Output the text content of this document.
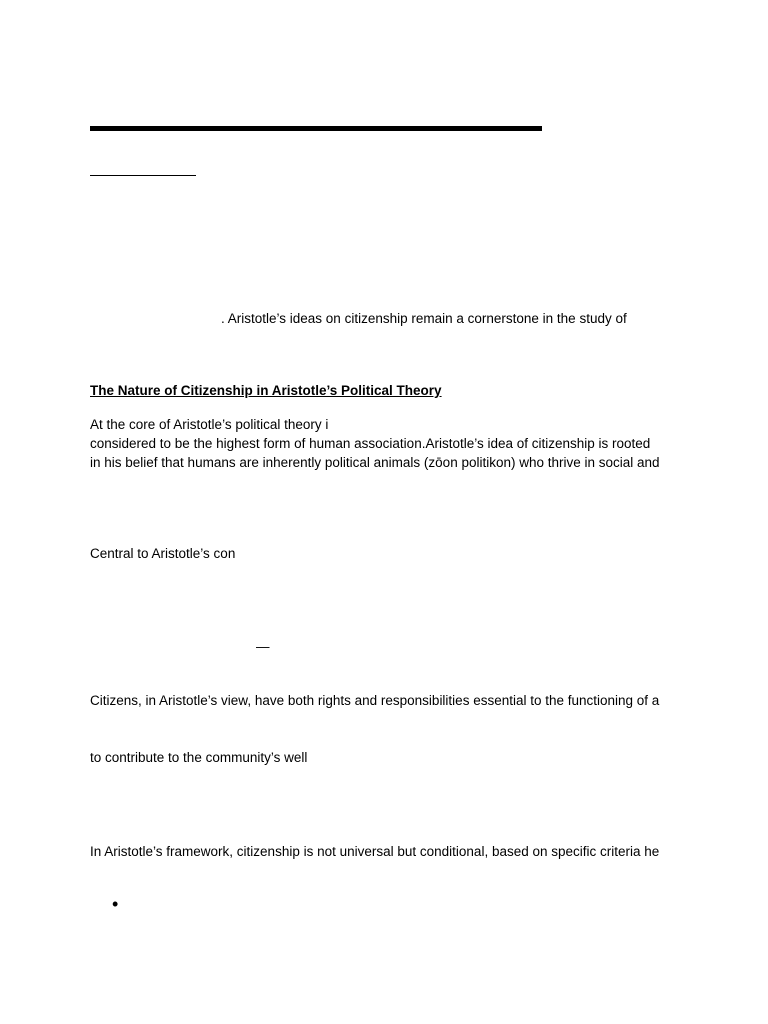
. Aristotle’s ideas on citizenship remain a cornerstone in the study of
The Nature of Citizenship in Aristotle’s Political Theory
At the core of Aristotle’s political theory i
considered to be the highest form of human association.Aristotle’s idea of citizenship is rooted
in his belief that humans are inherently political animals (zōon politikon) who thrive in social and
Central to Aristotle’s con
—
Citizens, in Aristotle’s view, have both rights and responsibilities essential to the functioning of a
to contribute to the community’s well
In Aristotle’s framework, citizenship is not universal but conditional, based on specific criteria he
•
